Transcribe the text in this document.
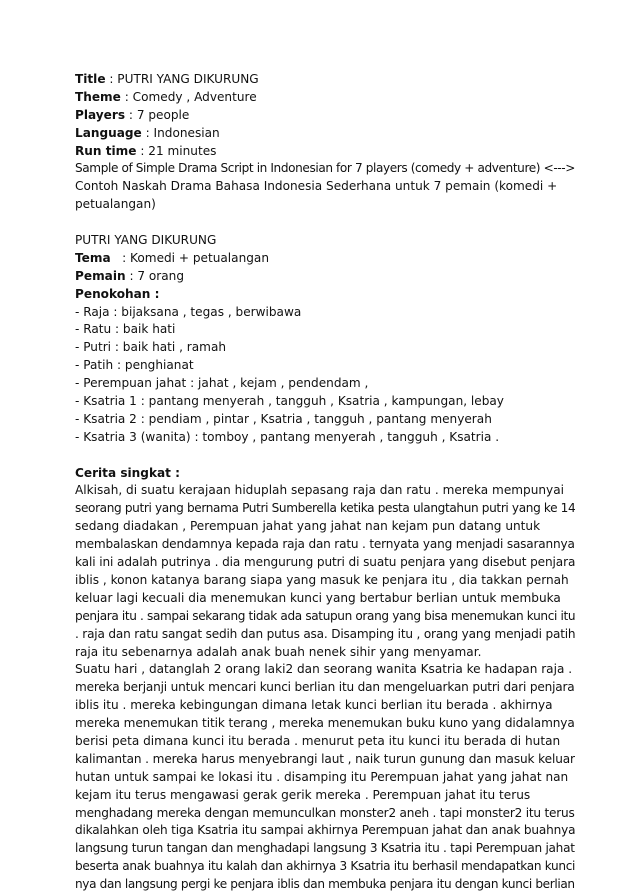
Title : PUTRI YANG DIKURUNG
Theme : Comedy , Adventure
Players : 7 people
Language : Indonesian
Run time : 21 minutes
Sample of Simple Drama Script in Indonesian for 7 players (comedy + adventure) <--->
Contoh Naskah Drama Bahasa Indonesia Sederhana untuk 7 pemain (komedi +
petualangan)
PUTRI YANG DIKURUNG
Tema   : Komedi + petualangan
Pemain : 7 orang
Penokohan :
- Raja : bijaksana , tegas , berwibawa
- Ratu : baik hati
- Putri : baik hati , ramah
- Patih : penghianat
- Perempuan jahat : jahat , kejam , pendendam ,
- Ksatria 1 : pantang menyerah , tangguh , Ksatria , kampungan, lebay
- Ksatria 2 : pendiam , pintar , Ksatria , tangguh , pantang menyerah
- Ksatria 3 (wanita) : tomboy , pantang menyerah , tangguh , Ksatria .
Cerita singkat :
Alkisah, di suatu kerajaan hiduplah sepasang raja dan ratu . mereka mempunyai
seorang putri yang bernama Putri Sumberella ketika pesta ulangtahun putri yang ke 14
sedang diadakan , Perempuan jahat yang jahat nan kejam pun datang untuk
membalaskan dendamnya kepada raja dan ratu . ternyata yang menjadi sasarannya
kali ini adalah putrinya . dia mengurung putri di suatu penjara yang disebut penjara
iblis , konon katanya barang siapa yang masuk ke penjara itu , dia takkan pernah
keluar lagi kecuali dia menemukan kunci yang bertabur berlian untuk membuka
penjara itu . sampai sekarang tidak ada satupun orang yang bisa menemukan kunci itu
. raja dan ratu sangat sedih dan putus asa. Disamping itu , orang yang menjadi patih
raja itu sebenarnya adalah anak buah nenek sihir yang menyamar.
Suatu hari , datanglah 2 orang laki2 dan seorang wanita Ksatria ke hadapan raja .
mereka berjanji untuk mencari kunci berlian itu dan mengeluarkan putri dari penjara
iblis itu . mereka kebingungan dimana letak kunci berlian itu berada . akhirnya
mereka menemukan titik terang , mereka menemukan buku kuno yang didalamnya
berisi peta dimana kunci itu berada . menurut peta itu kunci itu berada di hutan
kalimantan . mereka harus menyebrangi laut , naik turun gunung dan masuk keluar
hutan untuk sampai ke lokasi itu . disamping itu Perempuan jahat yang jahat nan
kejam itu terus mengawasi gerak gerik mereka . Perempuan jahat itu terus
menghadang mereka dengan memunculkan monster2 aneh . tapi monster2 itu terus
dikalahkan oleh tiga Ksatria itu sampai akhirnya Perempuan jahat dan anak buahnya
langsung turun tangan dan menghadapi langsung 3 Ksatria itu . tapi Perempuan jahat
beserta anak buahnya itu kalah dan akhirnya 3 Ksatria itu berhasil mendapatkan kunci
nya dan langsung pergi ke penjara iblis dan membuka penjara itu dengan kunci berlian
